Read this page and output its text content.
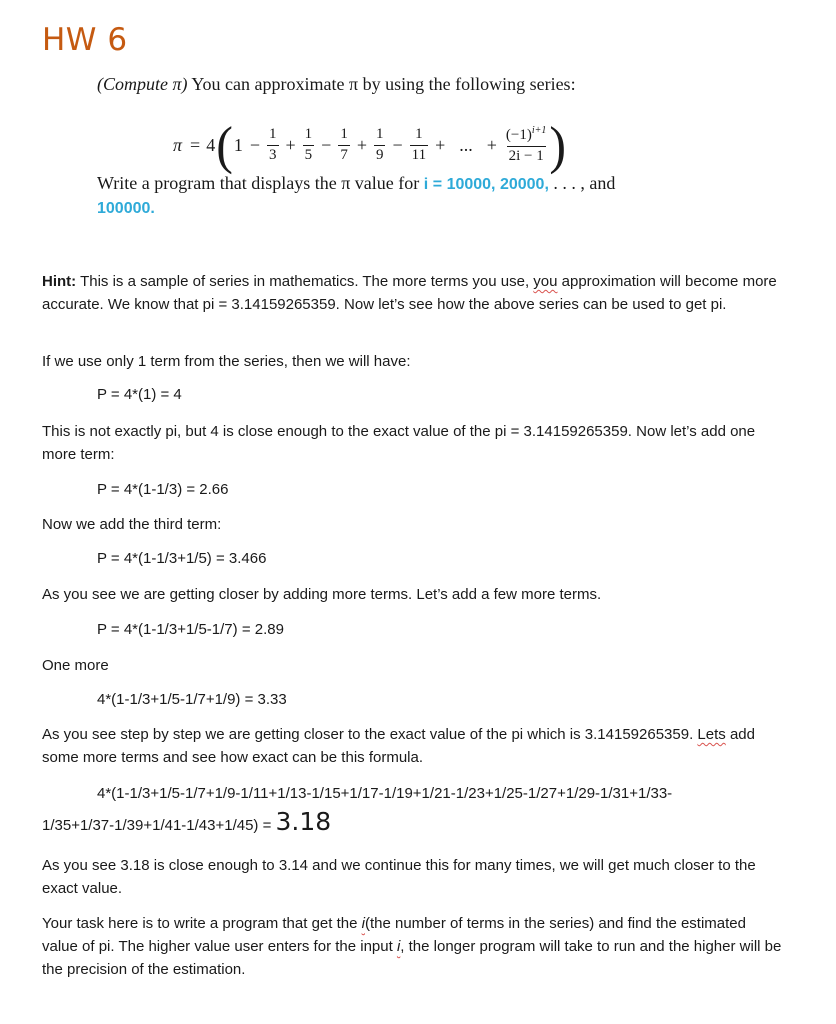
HW 6
(Compute π) You can approximate π by using the following series:
π = 4 ( $1 - \frac{1}{3} + \frac{1}{5} - \frac{1}{7} + \frac{1}{9} - \frac{1}{11}$ + ... + $\frac{(-1)^{i+1}}{2i - 1}$ )
Write a program that displays the π value for i = 10000, 20000, . . . , and
100000.

Hint: This is a sample of series in mathematics. The more terms you use, you approximation will become more accurate. We know that pi = 3.14159265359. Now let’s see how the above series can be used to get pi.

If we use only 1 term from the series, then we will have:
P = 4*(1) = 4
This is not exactly pi, but 4 is close enough to the exact value of the pi = 3.14159265359. Now let’s add one more term:
P = 4*(1-1/3) = 2.66
Now we add the third term:
P = 4*(1-1/3+1/5) = 3.466
As you see we are getting closer by adding more terms. Let’s add a few more terms.
P = 4*(1-1/3+1/5-1/7) = 2.89
One more
4*(1-1/3+1/5-1/7+1/9) = 3.33

As you see step by step we are getting closer to the exact value of the pi which is 3.14159265359. Lets add some more terms and see how exact can be this formula.

4*(1-1/3+1/5-1/7+1/9-1/11+1/13-1/15+1/17-1/19+1/21-1/23+1/25-1/27+1/29-1/31+1/33-
1/35+1/37-1/39+1/41-1/43+1/45) = 3.18
As you see 3.18 is close enough to 3.14 and we continue this for many times, we will get much closer to the exact value.

Your task here is to write a program that get the i(the number of terms in the series) and find the estimated value of pi. The higher value user enters for the input i, the longer program will take to run and the higher will be the precision of the estimation.
